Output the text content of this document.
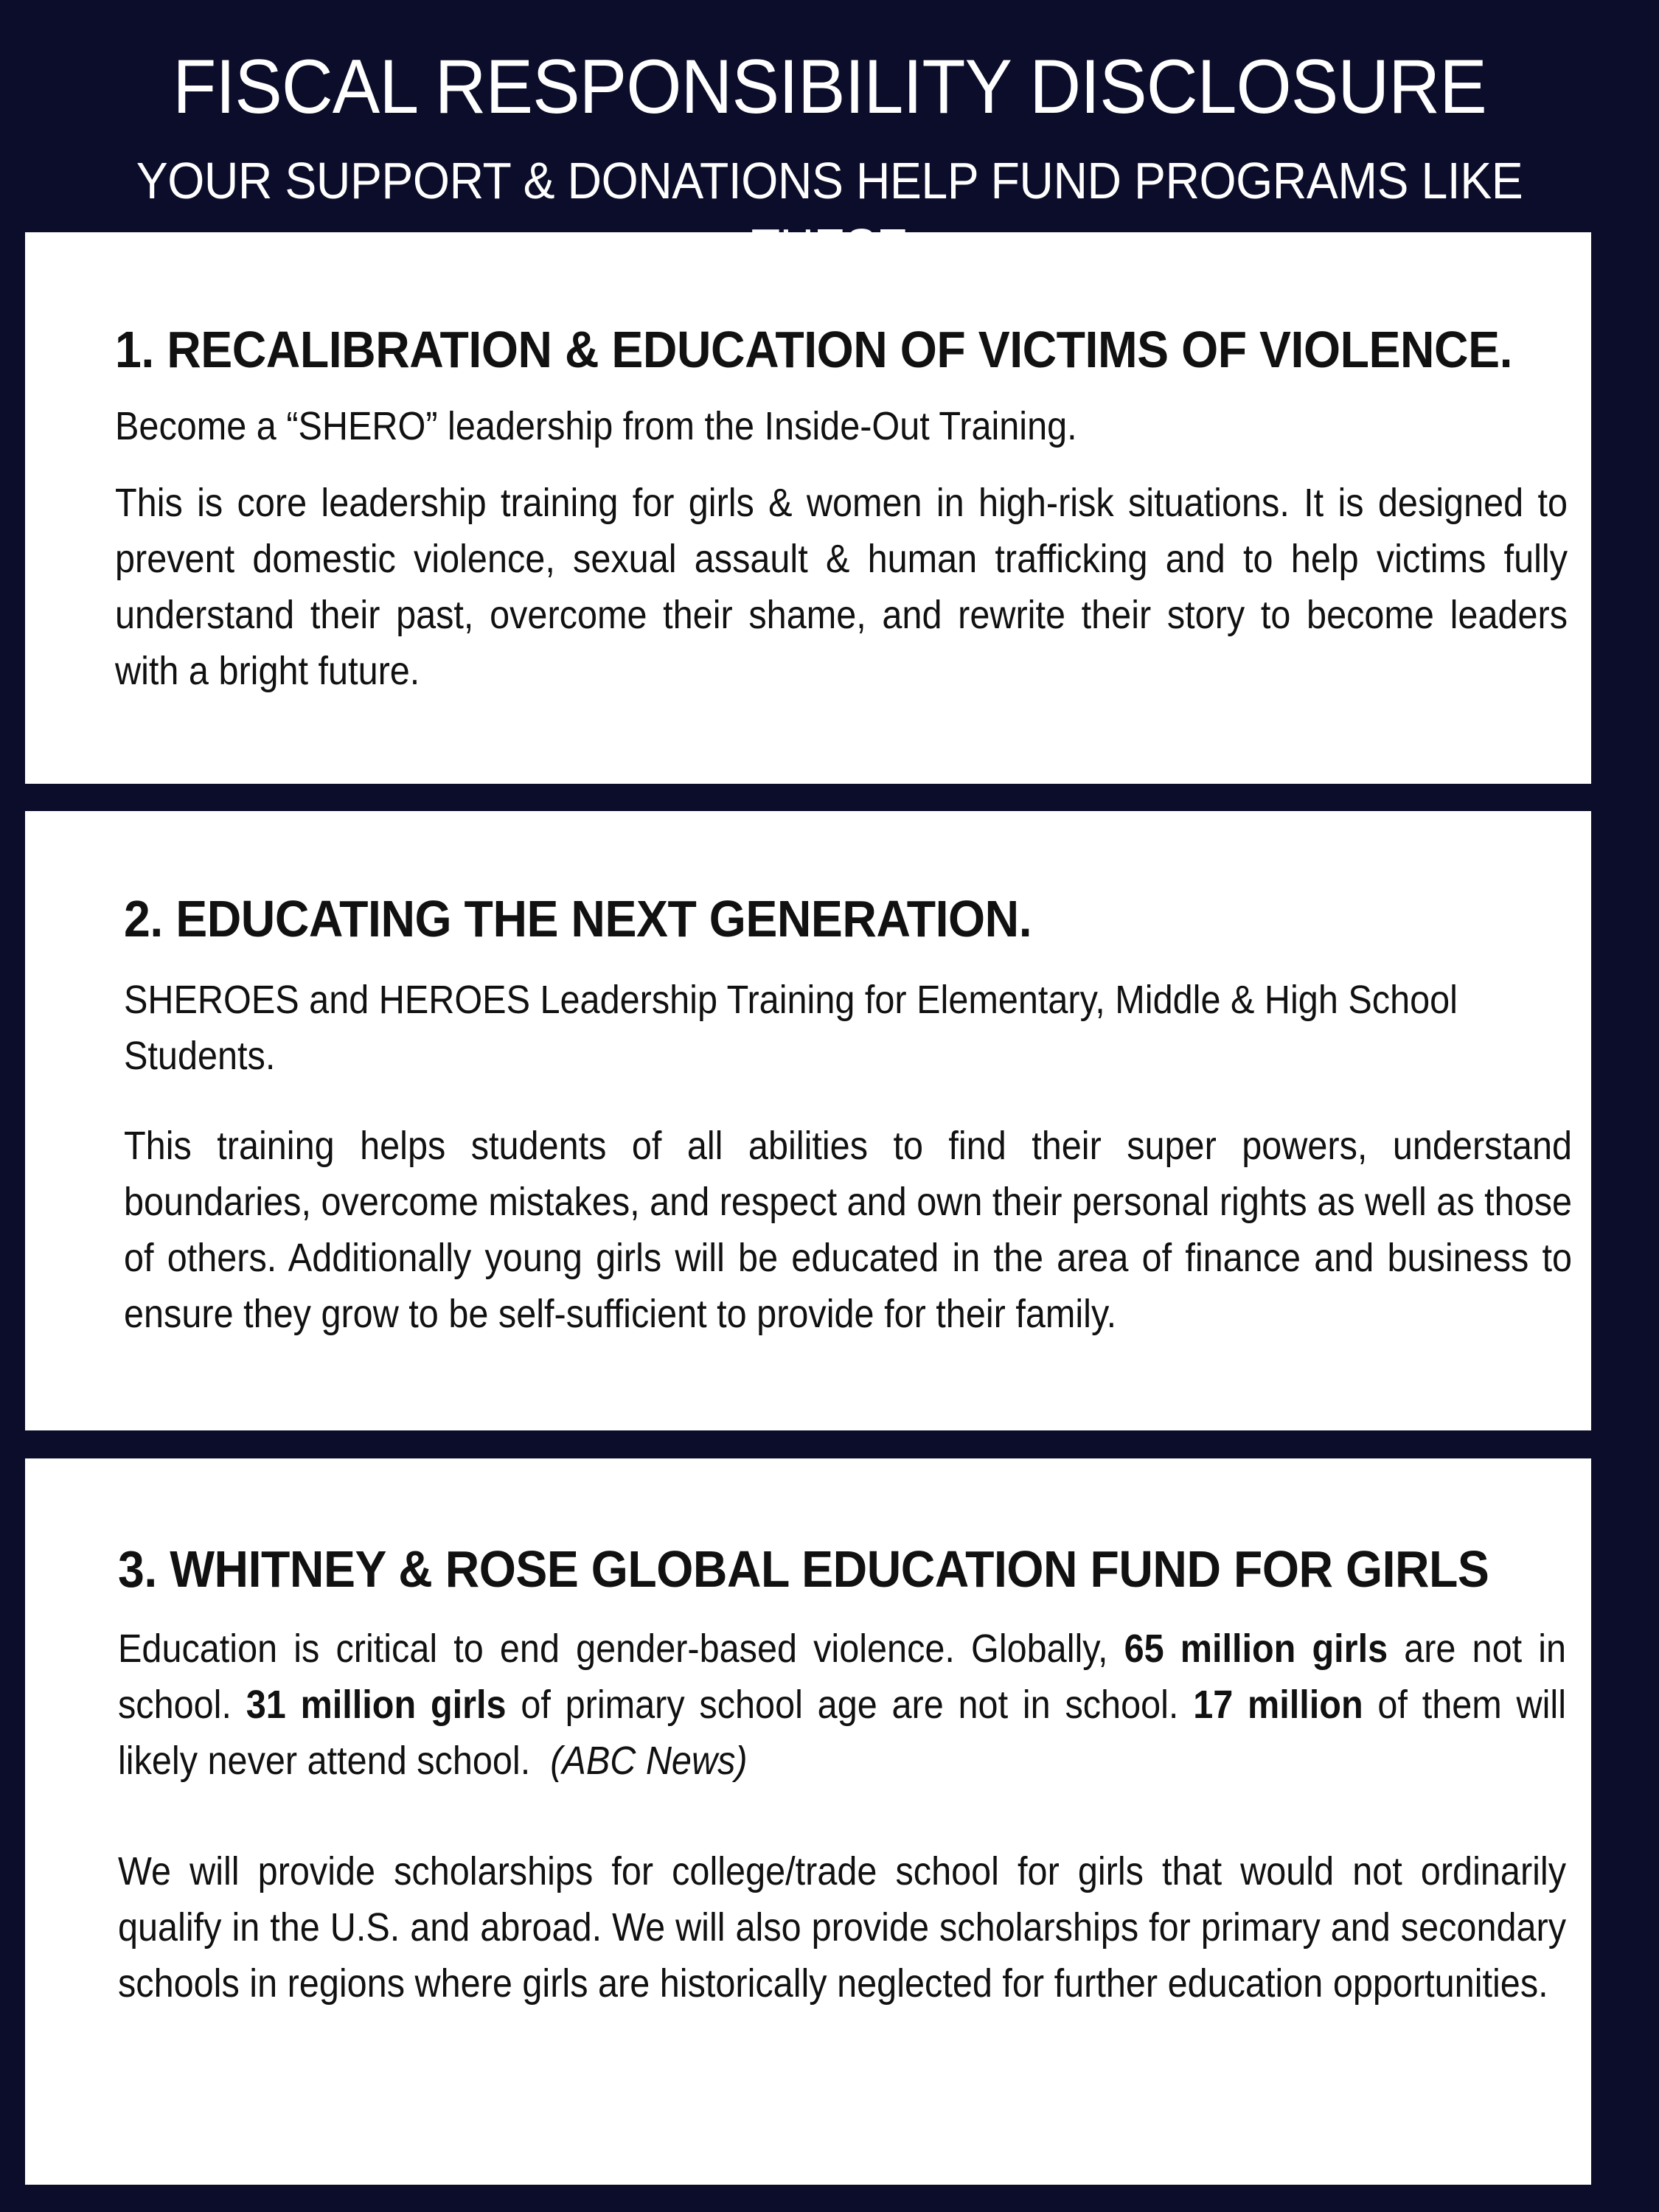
FISCAL RESPONSIBILITY DISCLOSURE
YOUR SUPPORT & DONATIONS HELP FUND PROGRAMS LIKE
1. RECALIBRATION & EDUCATION OF VICTIMS OF VIOLENCE.

Become a “SHERO” leadership from the Inside-Out Training.

This is core leadership training for girls & women in high-risk situations. It is designed to prevent domestic violence, sexual assault & human trafficking and to help victims fully understand their past, overcome their shame, and rewrite their story to become leaders with a bright future.

2. EDUCATING THE NEXT GENERATION.

SHEROES and HEROES Leadership Training for Elementary, Middle & High School Students.

This training helps students of all abilities to find their super powers, understand boundaries, overcome mistakes, and respect and own their personal rights as well as those of others. Additionally young girls will be educated in the area of finance and business to ensure they grow to be self-sufficient to provide for their family.

3. WHITNEY & ROSE GLOBAL EDUCATION FUND FOR GIRLS

Education is critical to end gender-based violence. Globally, 65 million girls are not in school. 31 million girls of primary school age are not in school. 17 million of them will likely never attend school. (ABC News)

We will provide scholarships for college/trade school for girls that would not ordinarily qualify in the U.S. and abroad. We will also provide scholarships for primary and secondary schools in regions where girls are historically neglected for further education opportunities.
